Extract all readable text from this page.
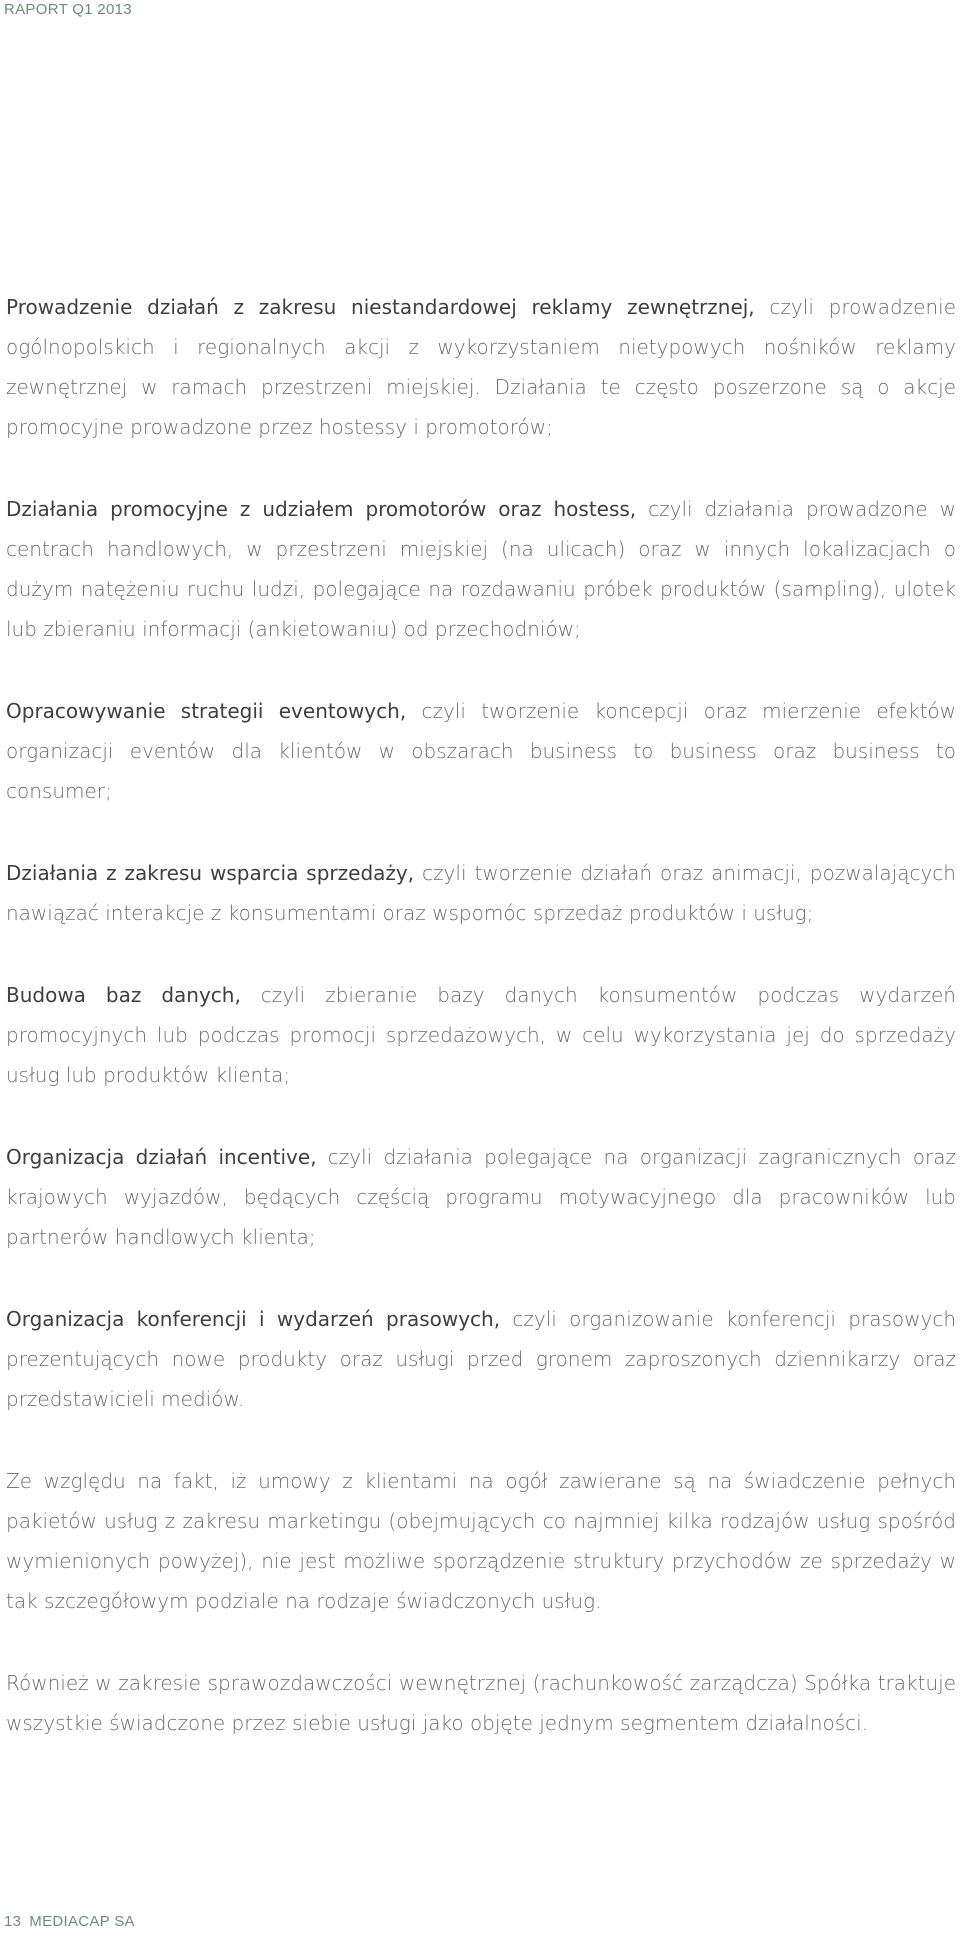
RAPORT Q1 2013

Prowadzenie działań z zakresu niestandardowej reklamy zewnętrznej, czyli prowadzenie ogólnopolskich i regionalnych akcji z wykorzystaniem nietypowych nośników reklamy zewnętrznej w ramach przestrzeni miejskiej. Działania te często poszerzone są o akcje promocyjne prowadzone przez hostessy i promotorów;

Działania promocyjne z udziałem promotorów oraz hostess, czyli działania prowadzone w centrach handlowych, w przestrzeni miejskiej (na ulicach) oraz w innych lokalizacjach o dużym natężeniu ruchu ludzi, polegające na rozdawaniu próbek produktów (sampling), ulotek lub zbieraniu informacji (ankietowaniu) od przechodniów;

Opracowywanie strategii eventowych, czyli tworzenie koncepcji oraz mierzenie efektów organizacji eventów dla klientów w obszarach business to business oraz business to consumer;

Działania z zakresu wsparcia sprzedaży, czyli tworzenie działań oraz animacji, pozwalających nawiązać interakcje z konsumentami oraz wspomóc sprzedaż produktów i usług;

Budowa baz danych, czyli zbieranie bazy danych konsumentów podczas wydarzeń promocyjnych lub podczas promocji sprzedażowych, w celu wykorzystania jej do sprzedaży usług lub produktów klienta;

Organizacja działań incentive, czyli działania polegające na organizacji zagranicznych oraz krajowych wyjazdów, będących częścią programu motywacyjnego dla pracowników lub partnerów handlowych klienta;

Organizacja konferencji i wydarzeń prasowych, czyli organizowanie konferencji prasowych prezentujących nowe produkty oraz usługi przed gronem zaproszonych dziennikarzy oraz przedstawicieli mediów.

Ze względu na fakt, iż umowy z klientami na ogół zawierane są na świadczenie pełnych pakietów usług z zakresu marketingu (obejmujących co najmniej kilka rodzajów usług spośród wymienionych powyżej), nie jest możliwe sporządzenie struktury przychodów ze sprzedaży w tak szczegółowym podziale na rodzaje świadczonych usług.

Również w zakresie sprawozdawczości wewnętrznej (rachunkowość zarządcza) Spółka traktuje wszystkie świadczone przez siebie usługi jako objęte jednym segmentem działalności.

13 MEDIACAP SA
